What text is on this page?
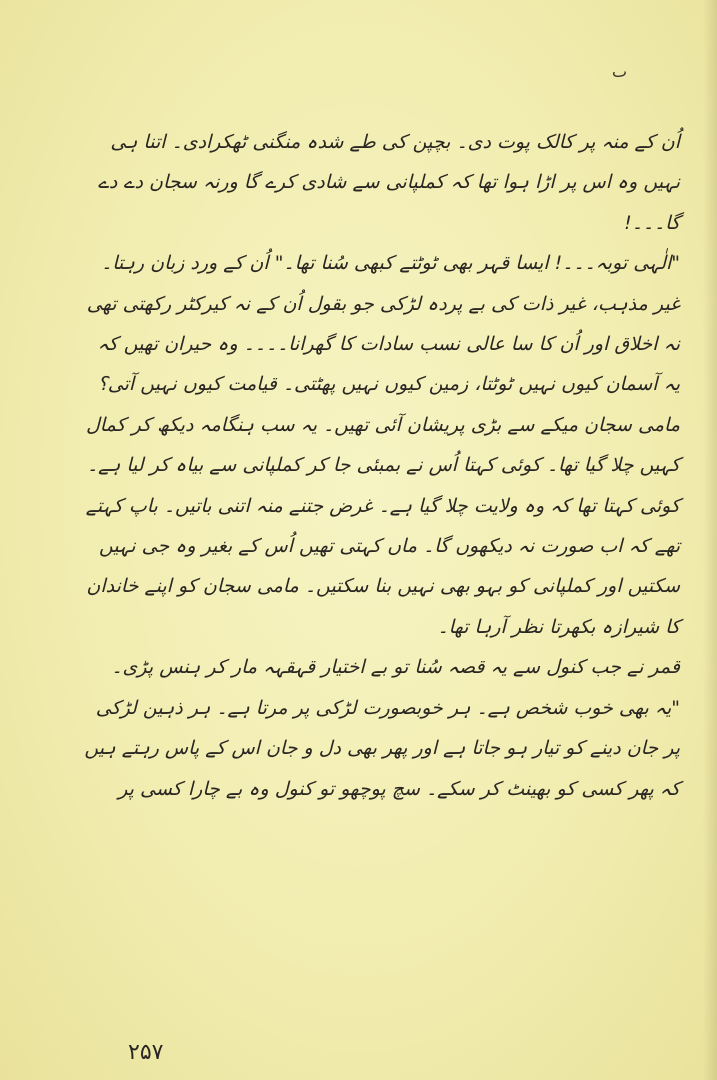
ٮ

اُن کے منہ پر کالک پوت دی۔ بچپن کی طے شدہ منگنی ٹھکرادی۔ اتنا ہی نہیں وہ اس پر اڑا ہوا تھا کہ کملپانی سے شادی کرے گا ورنہ سجان دے دے گا۔۔۔!

"الٰہی توبہ۔۔۔! ایسا قہر بھی ٹوٹتے کبھی سُنا تھا۔" اُن کے ورد زبان رہتا۔

غیر مذہب، غیر ذات کی بے پردہ لڑکی جو بقول اُن کے نہ کیرکٹر رکھتی تھی نہ اخلاق اور اُن کا سا عالی نسب سادات کا گھرانا۔۔۔۔ وہ حیران تھیں کہ یہ آسمان کیوں نہیں ٹوٹتا، زمین کیوں نہیں پھٹتی۔ قیامت کیوں نہیں آتی؟

مامی سجان میکے سے بڑی پریشان آئی تھیں۔ یہ سب ہنگامہ دیکھ کر کمال کہیں چلا گیا تھا۔ کوئی کہتا اُس نے بمبئی جا کر کملپانی سے بیاہ کر لیا ہے۔ کوئی کہتا تھا کہ وہ ولایت چلا گیا ہے۔ غرض جتنے منہ اتنی باتیں۔ باپ کہتے تھے کہ اب صورت نہ دیکھوں گا۔ ماں کہتی تھیں اُس کے بغیر وہ جی نہیں سکتیں اور کملپانی کو بہو بھی نہیں بنا سکتیں۔ مامی سجان کو اپنے خاندان کا شیرازہ بکھرتا نظر آرہا تھا۔

قمر نے جب کنول سے یہ قصہ سُنا تو بے اختیار قہقہہ مار کر ہنس پڑی۔

"یہ بھی خوب شخص ہے۔ ہر خوبصورت لڑکی پر مرتا ہے۔ ہر ذہین لڑکی پر جان دینے کو تیار ہو جاتا ہے اور پھر بھی دل و جان اس کے پاس رہتے ہیں کہ پھر کسی کو بھینٹ کر سکے۔ سچ پوچھو تو کنول وہ بے چارا کسی پر

۲۵۷
